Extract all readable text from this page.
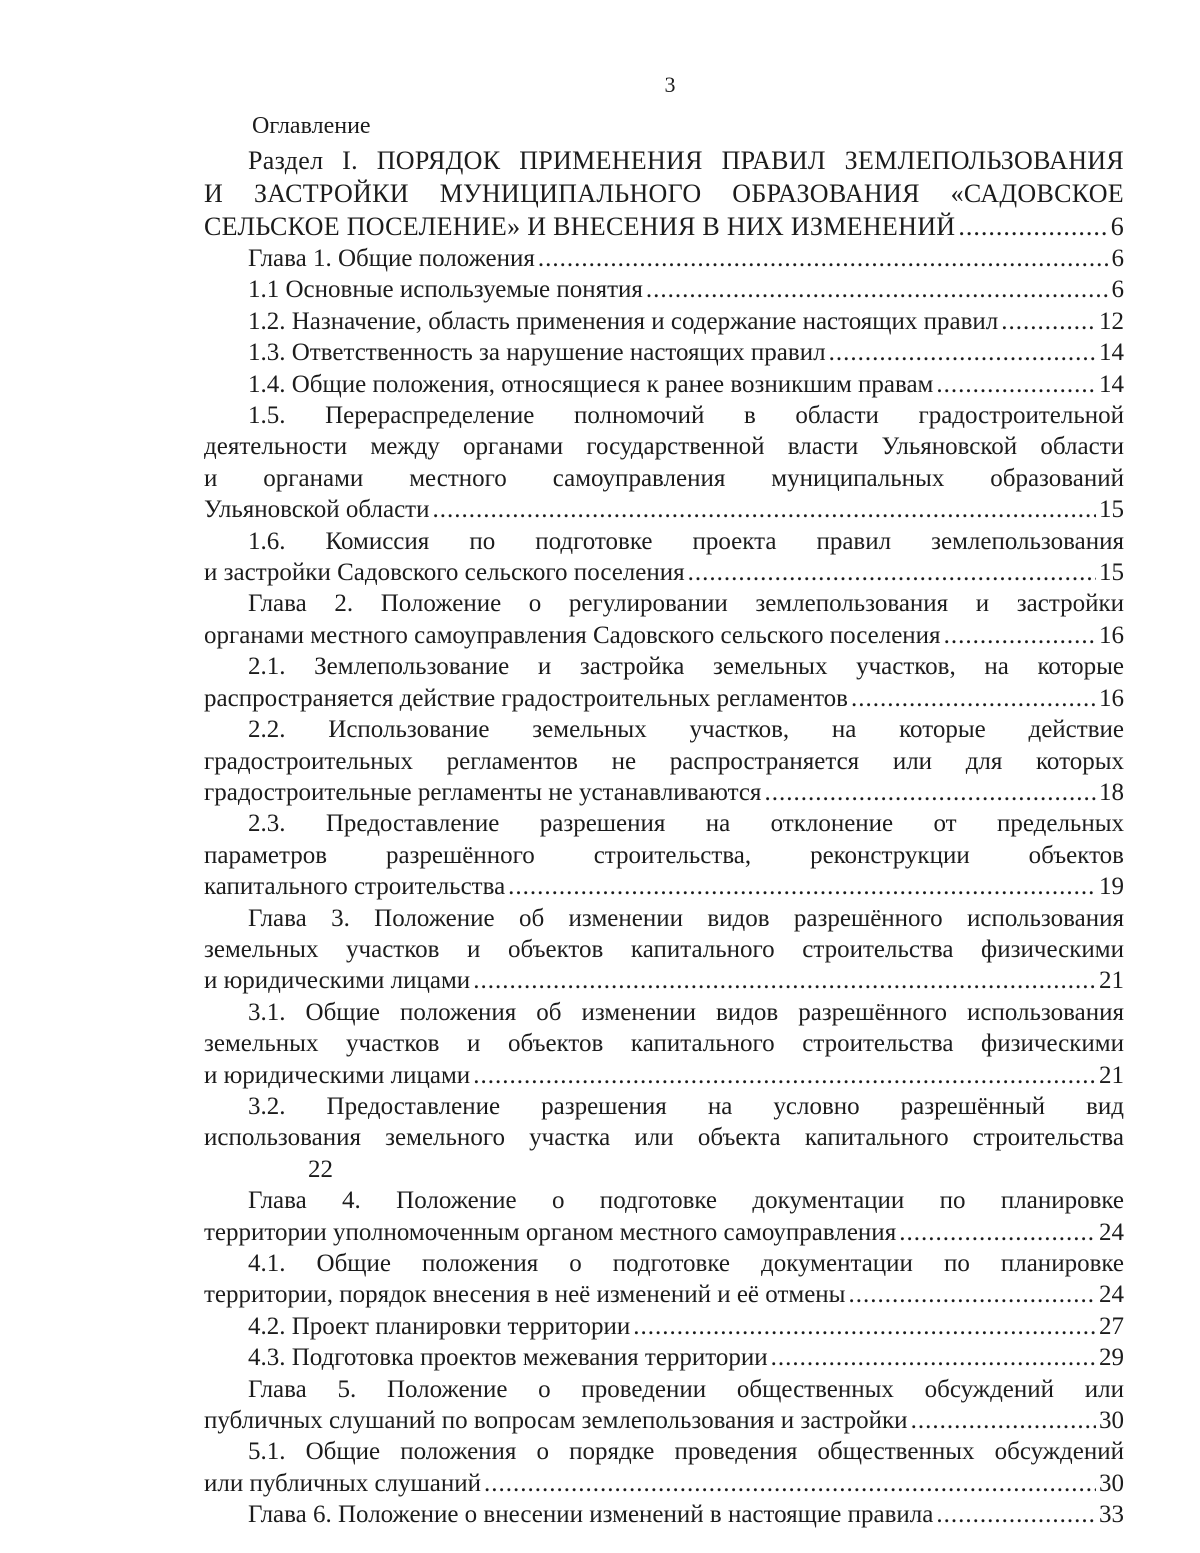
3
Оглавление
Раздел I. ПОРЯДОК ПРИМЕНЕНИЯ ПРАВИЛ ЗЕМЛЕПОЛЬЗОВАНИЯ
И ЗАСТРОЙКИ МУНИЦИПАЛЬНОГО ОБРАЗОВАНИЯ «САДОВСКОЕ
СЕЛЬСКОЕ ПОСЕЛЕНИЕ» И ВНЕСЕНИЯ В НИХ ИЗМЕНЕНИЙ .....	6
Глава 1. Общие положения .....	6
1.1 Основные используемые понятия .....	6
1.2. Назначение, область применения и содержание настоящих правил .....	12
1.3. Ответственность за нарушение настоящих правил .....	14
1.4. Общие положения, относящиеся к ранее возникшим правам .....	14
1.5. Перераспределение полномочий в области градостроительной
деятельности между органами государственной власти Ульяновской области
и органами местного самоуправления муниципальных образований
Ульяновской области .....	15
1.6. Комиссия по подготовке проекта правил землепользования
и застройки Садовского сельского поселения .....	15
Глава 2. Положение о регулировании землепользования и застройки
органами местного самоуправления Садовского сельского поселения .....	16
2.1. Землепользование и застройка земельных участков, на которые
распространяется действие градостроительных регламентов .....	16
2.2. Использование земельных участков, на которые действие
градостроительных регламентов не распространяется или для которых
градостроительные регламенты не устанавливаются .....	18
2.3. Предоставление разрешения на отклонение от предельных
параметров разрешённого строительства, реконструкции объектов
капитального строительства .....	19
Глава 3. Положение об изменении видов разрешённого использования
земельных участков и объектов капитального строительства физическими
и юридическими лицами .....	21
3.1. Общие положения об изменении видов разрешённого использования
земельных участков и объектов капитального строительства физическими
и юридическими лицами .....	21
3.2. Предоставление разрешения на условно разрешённый вид
использования земельного участка или объекта капитального строительства
22
Глава 4. Положение о подготовке документации по планировке
территории уполномоченным органом местного самоуправления .....	24
4.1. Общие положения о подготовке документации по планировке
территории, порядок внесения в неё изменений и её отмены .....	24
4.2. Проект планировки территории .....	27
4.3. Подготовка проектов межевания территории .....	29
Глава 5. Положение о проведении общественных обсуждений или
публичных слушаний по вопросам землепользования и застройки .....	30
5.1. Общие положения о порядке проведения общественных обсуждений
или публичных слушаний .....	30
Глава 6. Положение о внесении изменений в настоящие правила .....	33
